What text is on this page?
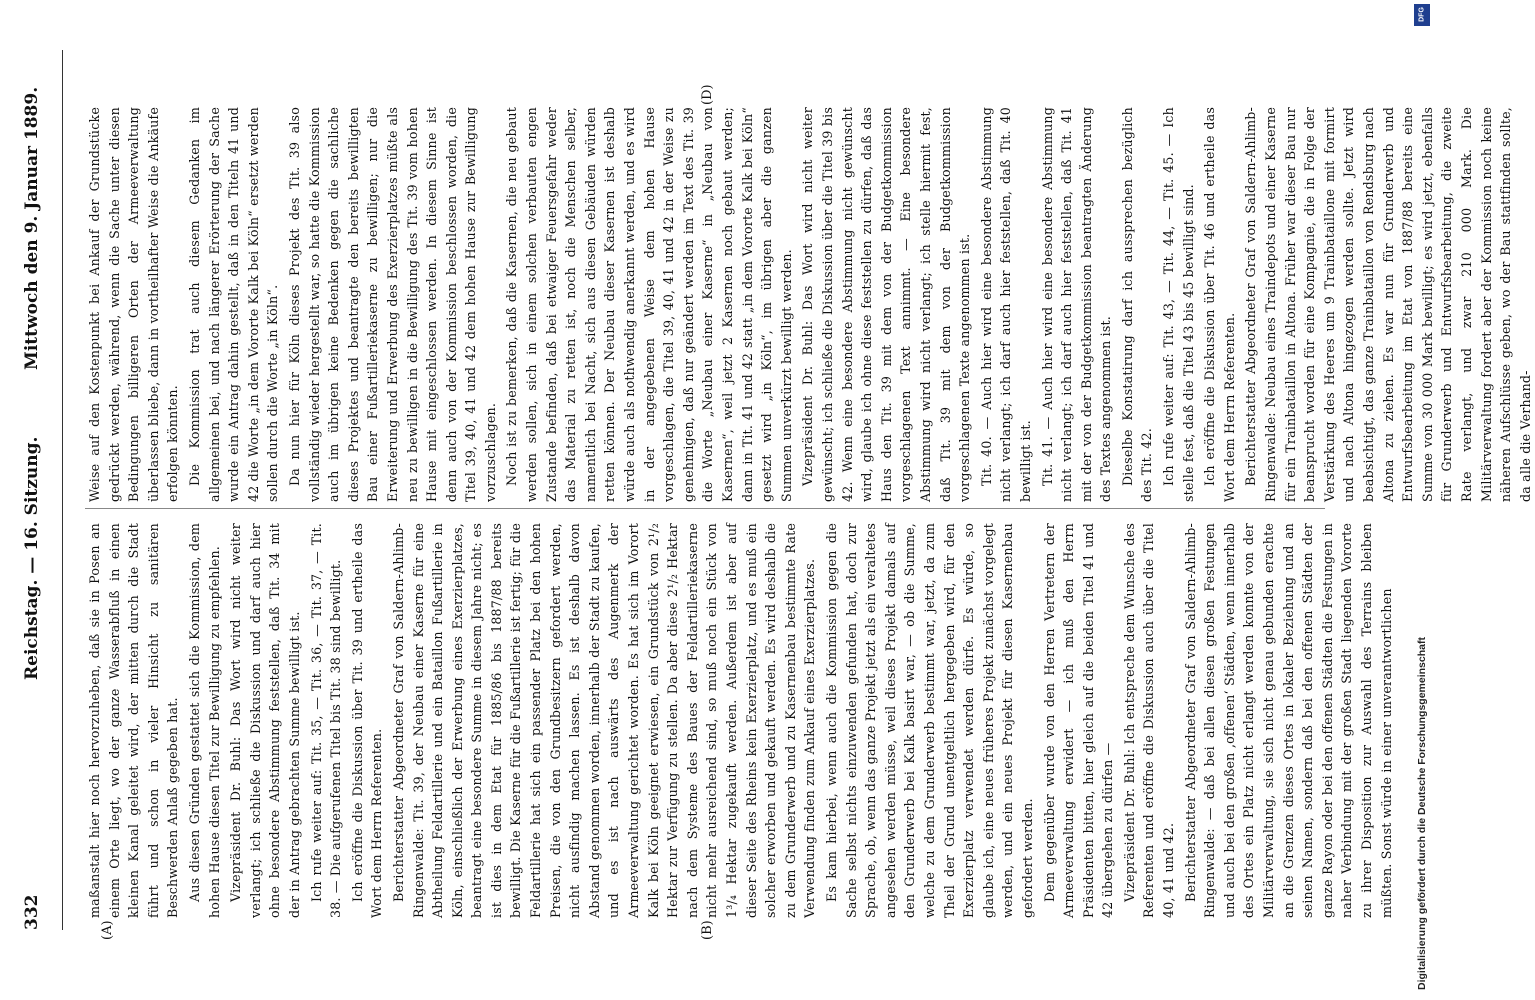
332
Reichstag. — 16. Sitzung.
Mittwoch den 9. Januar 1889.

maßanstalt hier noch hervorzuheben, daß sie in Posen an einem Orte liegt, wo der ganze Wasserabfluß in einen kleinen Kanal geleitet wird, der mitten durch die Stadt führt und schon in vieler Hinsicht zu sanitären Beschwerden Anlaß gegeben hat. Aus diesen Gründen gestattet sich die Kommission, dem hohen Hause diesen Titel zur Bewilligung zu empfehlen. Vizepräsident Dr. Buhl: Das Wort wird nicht weiter verlangt; ich schließe die Diskussion und darf auch hier ohne besondere Abstimmung feststellen, daß Tit. 34 mit der in Antrag gebrachten Summe bewilligt ist. Ich rufe weiter auf: Tit. 35, — Tit. 36, — Tit. 37, — Tit. 38. — Die aufgerufenen Titel bis Tit. 38 sind bewilligt. Ich eröffne die Diskussion über Tit. 39 und ertheile das Wort dem Herrn Referenten. Berichterstatter Abgeordneter Graf von Saldern-Ahlimb-Ringenwalde: Tit. 39, der Neubau einer Kaserne für eine Abtheilung Feldartillerie und ein Bataillon Fußartillerie in Köln, einschließlich der Erwerbung eines Exerzierplatzes, beantragt eine besondere Summe in diesem Jahre nicht; es ist dies in dem Etat für 1885/86 bis 1887/88 bereits bewilligt. Die Kaserne für die Fußartillerie ist fertig; für die Feldartillerie hat sich ein passender Platz bei den hohen Preisen, die von den Grundbesitzern gefordert werden, nicht ausfindig machen lassen. Es ist deshalb davon Abstand genommen worden, innerhalb der Stadt zu kaufen, und es ist nach auswärts des Augenmerk der Armeeverwaltung gerichtet worden. Es hat sich im Vorort Kalk bei Köln geeignet erwiesen, ein Grundstück von 2¹/₂ Hektar zur Verfügung zu stellen. Da aber diese 2¹/₂ Hektar nach dem Systeme des Baues der Feldartilleriekaserne nicht mehr ausreichend sind, so muß noch ein Stück von 1³/₄ Hektar zugekauft werden. Außerdem ist aber auf dieser Seite des Rheins kein Exerzierplatz, und es muß ein solcher erworben und gekauft werden. Es wird deshalb die zu dem Grunderwerb und zu Kasernenbau bestimmte Rate Verwendung finden zum Ankauf eines Exerzierplatzes. Es kam hierbei, wenn auch die Kommission gegen die Sache selbst nichts einzuwenden gefunden hat, doch zur Sprache, ob, wenn das ganze Projekt jetzt als ein veraltetes angesehen werden müsse, weil dieses Projekt damals auf den Grunderwerb bei Kalk basirt war, — ob die Summe, welche zu dem Grunderwerb bestimmt war, jetzt, da zum Theil der Grund unentgeltlich hergegeben wird, für den Exerzierplatz verwendet werden dürfe. Es würde, so glaube ich, eine neues früheres Projekt zunächst vorgelegt werden, und ein neues Projekt für diesen Kasernenbau gefordert werden. Dem gegenüber wurde von den Herren Vertretern der Armeeverwaltung erwidert — ich muß den Herrn Präsidenten bitten, hier gleich auf die beiden Titel 41 und 42 übergehen zu dürfen — Vizepräsident Dr. Buhl: Ich entspreche dem Wunsche des Referenten und eröffne die Diskussion auch über die Titel 40, 41 und 42. Berichterstatter Abgeordneter Graf von Saldern-Ahlimb-Ringenwalde: — daß bei allen diesen großen Festungen und auch bei den großen ‚offenen‘ Städten, wenn innerhalb des Ortes ein Platz nicht erlangt werden konnte von der Militärverwaltung, sie sich nicht genau gebunden erachte an die Grenzen dieses Ortes in lokaler Beziehung und an seinen Namen, sondern daß bei den offenen Städten der ganze Rayon oder bei den offenen Städten die Festungen in naher Verbindung mit der großen Stadt liegenden Vororte zu ihrer Disposition zur Auswahl des Terrains bleiben müßten. Sonst würde in einer unverantwortlichen

Weise auf den Kostenpunkt bei Ankauf der Grundstücke gedrückt werden, während, wenn die Sache unter diesen Bedingungen billigeren Orten der Armeeverwaltung überlassen bliebe, dann in vortheilhafter Weise die Ankäufe erfolgen könnten. Die Kommission trat auch diesem Gedanken im allgemeinen bei, und nach längerer Erörterung der Sache wurde ein Antrag dahin gestellt, daß in den Titeln 41 und 42 die Worte „in dem Vororte Kalk bei Köln“ ersetzt werden sollen durch die Worte „in Köln“. Da nun hier für Köln dieses Projekt des Tit. 39 also vollständig wieder hergestellt war, so hatte die Kommission auch im übrigen keine Bedenken gegen die sachliche dieses Projektes und beantragte den bereits bewilligten Bau einer Fußartilleriekaserne zu bewilligen; nur die Erweiterung und Erwerbung des Exerzierplatzes müßte als neu zu bewilligen in die Bewilligung des Tit. 39 vom hohen Hause mit eingeschlossen werden. In diesem Sinne ist denn auch von der Kommission beschlossen worden, die Titel 39, 40, 41 und 42 dem hohen Hause zur Bewilligung vorzuschlagen. Noch ist zu bemerken, daß die Kasernen, die neu gebaut werden sollen, sich in einem solchen verbauten engen Zustande befinden, daß bei etwaiger Feuersgefahr weder das Material zu retten ist, noch die Menschen selber, namentlich bei Nacht, sich aus diesen Gebäuden würden retten können. Der Neubau dieser Kasernen ist deshalb würde auch als nothwendig anerkannt werden, und es wird in der angegebenen Weise dem hohen Hause vorgeschlagen, die Titel 39, 40, 41 und 42 in der Weise zu genehmigen, daß nur geändert werden im Text des Tit. 39 die Worte „Neubau einer Kaserne“ in „Neubau von Kasernen“, weil jetzt 2 Kasernen noch gebaut werden; dann in Tit. 41 und 42 statt „in dem Vororte Kalk bei Köln“ gesetzt wird „in Köln“, im übrigen aber die ganzen Summen unverkürzt bewilligt werden. Vizepräsident Dr. Buhl: Das Wort wird nicht weiter gewünscht; ich schließe die Diskussion über die Titel 39 bis 42. Wenn eine besondere Abstimmung nicht gewünscht wird, glaube ich ohne diese feststellen zu dürfen, daß das Haus den Tit. 39 mit dem von der Budgetkommission vorgeschlagenen Text annimmt. — Eine besondere Abstimmung wird nicht verlangt; ich stelle hiermit fest, daß Tit. 39 mit dem von der Budgetkommission vorgeschlagenen Texte angenommen ist. Tit. 40. — Auch hier wird eine besondere Abstimmung nicht verlangt; ich darf auch hier feststellen, daß Tit. 40 bewilligt ist. Tit. 41. — Auch hier wird eine besondere Abstimmung nicht verlangt; ich darf auch hier feststellen, daß Tit. 41 mit der von der Budgetkommission beantragten Änderung des Textes angenommen ist. Dieselbe Konstatirung darf ich aussprechen bezüglich des Tit. 42. Ich rufe weiter auf: Tit. 43, — Tit. 44, — Tit. 45. — Ich stelle fest, daß die Titel 43 bis 45 bewilligt sind. Ich eröffne die Diskussion über Tit. 46 und ertheile das Wort dem Herrn Referenten. Berichterstatter Abgeordneter Graf von Saldern-Ahlimb-Ringenwalde: Neubau eines Traindepots und einer Kaserne für ein Trainbataillon in Altona. Früher war dieser Bau nur beansprucht worden für eine Kompagnie, die in Folge der Verstärkung des Heeres um 9 Trainbataillone mit formirt und nach Altona hingezogen werden sollte. Jetzt wird beabsichtigt, das ganze Trainbataillon von Rendsburg nach Altona zu ziehen. Es war nun für Grunderwerb und Entwurfsbearbeitung im Etat von 1887/88 bereits eine Summe von 30 000 Mark bewilligt; es wird jetzt, ebenfalls für Grunderwerb und Entwurfsbearbeitung, die zweite Rate verlangt, und zwar 210 000 Mark. Die Militärverwaltung fordert aber der Kommission noch keine näheren Aufschlüsse geben, wo der Bau stattfinden sollte, da alle die Verhand-

(A)	(B)
(D)
DFG
Digitalisierung gefördert durch die Deutsche Forschungsgemeinschaft
